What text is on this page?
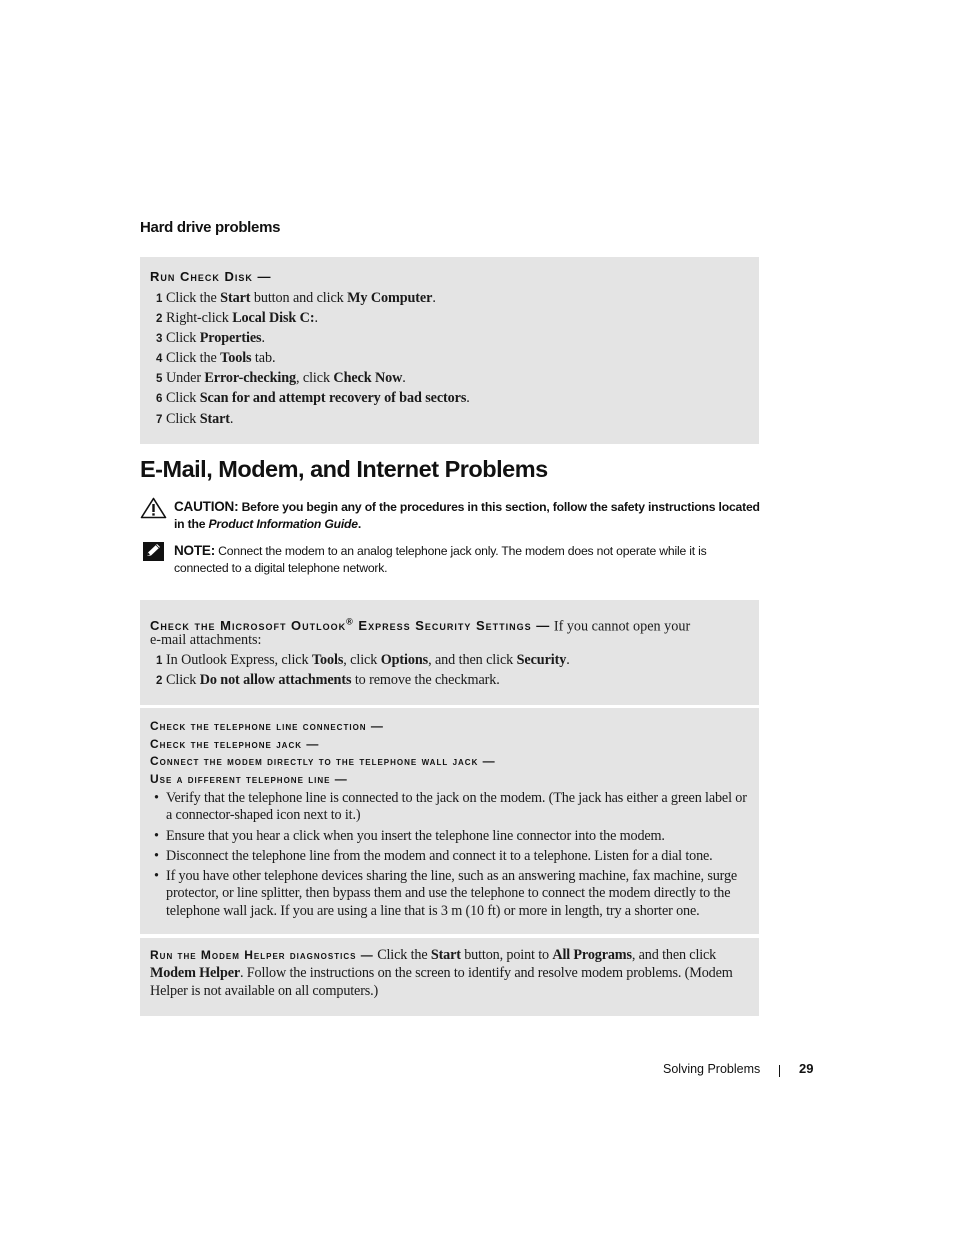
Hard drive problems
Run Check Disk —
1 Click the Start button and click My Computer.
2 Right-click Local Disk C:.
3 Click Properties.
4 Click the Tools tab.
5 Under Error-checking, click Check Now.
6 Click Scan for and attempt recovery of bad sectors.
7 Click Start.
E-Mail, Modem, and Internet Problems
CAUTION: Before you begin any of the procedures in this section, follow the safety instructions located in the Product Information Guide.
NOTE: Connect the modem to an analog telephone jack only. The modem does not operate while it is connected to a digital telephone network.
Check the Microsoft Outlook® Express Security Settings — If you cannot open your
e-mail attachments:
1 In Outlook Express, click Tools, click Options, and then click Security.
2 Click Do not allow attachments to remove the checkmark.
Check the telephone line connection —
Check the telephone jack —
Connect the modem directly to the telephone wall jack —
Use a different telephone line —
• Verify that the telephone line is connected to the jack on the modem. (The jack has either a green label or a connector-shaped icon next to it.)
• Ensure that you hear a click when you insert the telephone line connector into the modem.
• Disconnect the telephone line from the modem and connect it to a telephone. Listen for a dial tone.
• If you have other telephone devices sharing the line, such as an answering machine, fax machine, surge protector, or line splitter, then bypass them and use the telephone to connect the modem directly to the telephone wall jack. If you are using a line that is 3 m (10 ft) or more in length, try a shorter one.
Run the Modem Helper diagnostics — Click the Start button, point to All Programs, and then click Modem Helper. Follow the instructions on the screen to identify and resolve modem problems. (Modem Helper is not available on all computers.)
Solving Problems	29
